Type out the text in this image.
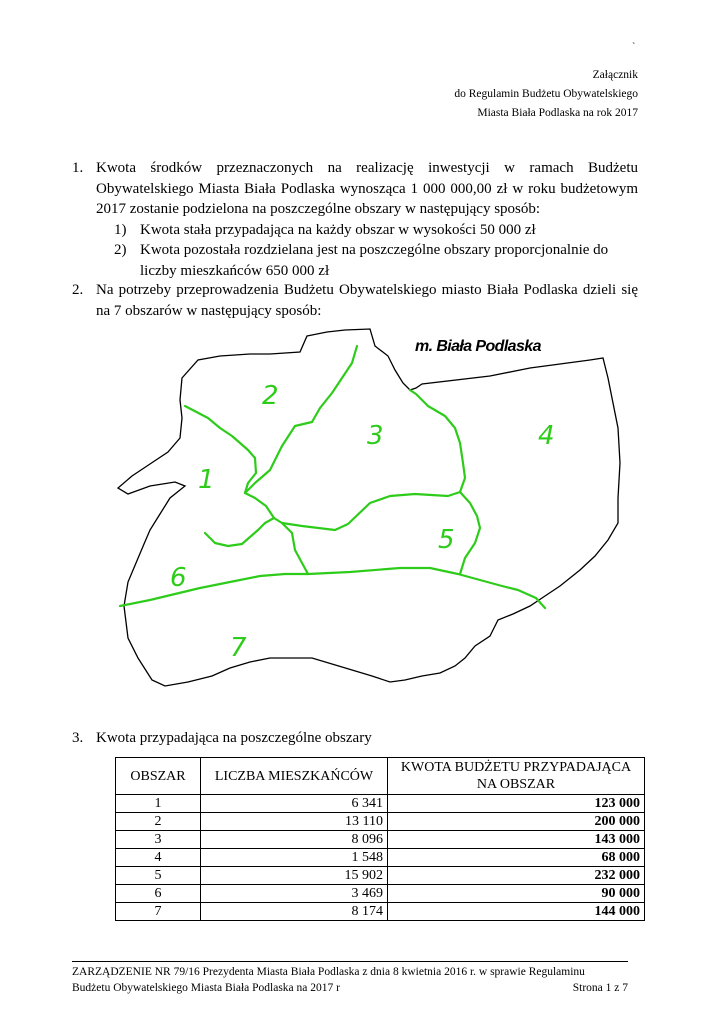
`
Załącznik
do Regulamin Budżetu Obywatelskiego
Miasta Biała Podlaska na rok 2017
1. Kwota środków przeznaczonych na realizację inwestycji w ramach Budżetu Obywatelskiego Miasta Biała Podlaska wynosząca 1 000 000,00 zł w roku budżetowym 2017 zostanie podzielona na poszczególne obszary w następujący sposób:
1) Kwota stała przypadająca na każdy obszar w wysokości 50 000 zł
2) Kwota pozostała rozdzielana jest na poszczególne obszary proporcjonalnie do liczby mieszkańców 650 000 zł
2. Na potrzeby przeprowadzenia Budżetu Obywatelskiego miasto Biała Podlaska dzieli się na 7 obszarów w następujący sposób:
1
2
3	4
5
6
7
m. Biała Podlaska
3. Kwota przypadająca na poszczególne obszary
OBSZAR	LICZBA MIESZKAŃCÓW	KWOTA BUDŻETU PRZYPADAJĄCA NA OBSZAR
1	6 341	123 000
2	13 110	200 000
3	8 096	143 000
4	1 548	68 000
5	15 902	232 000
6	3 469	90 000
7	8 174	144 000
ZARZĄDZENIE NR 79/16 Prezydenta Miasta Biała Podlaska z dnia 8 kwietnia 2016 r. w sprawie Regulaminu
Budżetu Obywatelskiego Miasta Biała Podlaska na 2017 r	Strona 1 z 7
